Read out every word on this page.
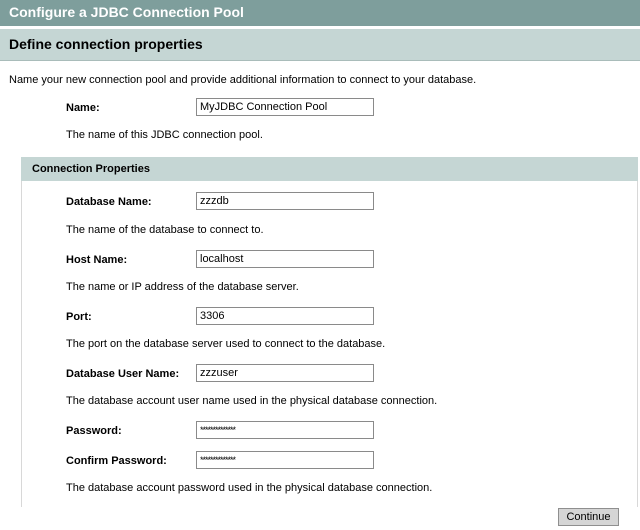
Configure a JDBC Connection Pool
Define connection properties
Name your new connection pool and provide additional information to connect to your database.
Name:
MyJDBC Connection Pool
The name of this JDBC connection pool.
Connection Properties
Database Name:
zzzdb
The name of the database to connect to.
Host Name:
localhost
The name or IP address of the database server.
Port:
3306
The port on the database server used to connect to the database.
Database User Name:
zzzuser
The database account user name used in the physical database connection.
Password:
**************
Confirm Password:
**************
The database account password used in the physical database connection.
Continue
